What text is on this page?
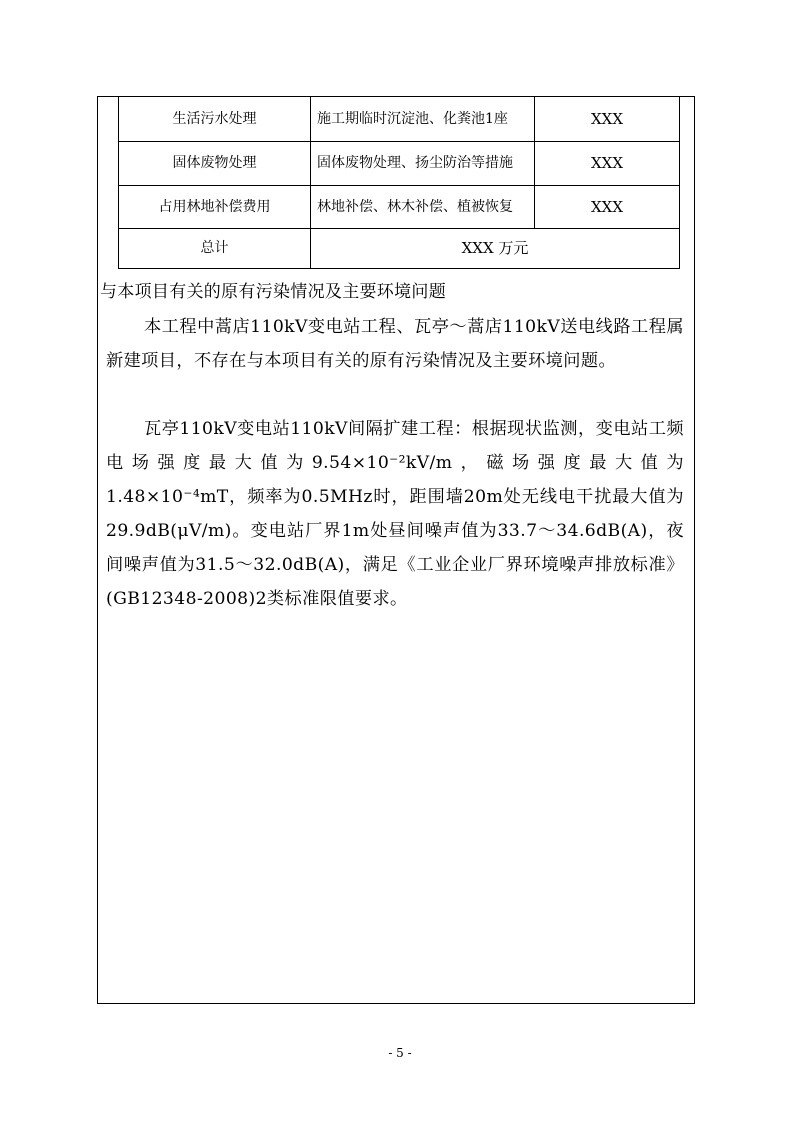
生活污水处理	施工期临时沉淀池、化粪池1座	XXX
固体废物处理	固体废物处理、扬尘防治等措施	XXX
占用林地补偿费用	林地补偿、林木补偿、植被恢复	XXX
总计	XXX 万元	
与本项目有关的原有污染情况及主要环境问题

本工程中蒿店110kV变电站工程、瓦亭～蒿店110kV送电线路工程属新建项目，不存在与本项目有关的原有污染情况及主要环境问题。

瓦亭110kV变电站110kV间隔扩建工程：根据现状监测，变电站工频电场强度最大值为9.54×10⁻²kV/m，磁场强度最大值为1.48×10⁻⁴mT，频率为0.5MHz时，距围墙20m处无线电干扰最大值为29.9dB(μV/m)。变电站厂界1m处昼间噪声值为33.7～34.6dB(A)，夜间噪声值为31.5～32.0dB(A)，满足《工业企业厂界环境噪声排放标准》(GB12348-2008)2类标准限值要求。

- 5 -
